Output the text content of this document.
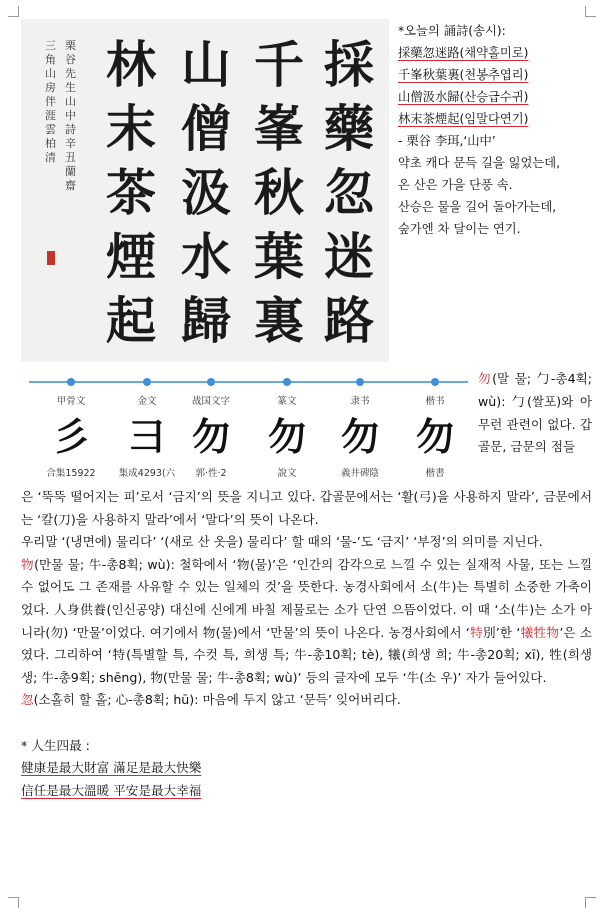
採
藥
忽
迷
路
千
峯
秋
葉
裏
山
僧
汲
水
歸
林
末
茶
煙
起
栗谷先生山中詩辛丑蘭齋
三角山房伴涯雲柏清
*오늘의 誦詩(송시):
採藥忽迷路(채약홀미로)
千峯秋葉裏(천봉추엽리)
山僧汲水歸(산승급수귀)
林末茶煙起(임말다연기)
- 栗谷 李珥,‘山中’
약초 캐다 문득 길을 잃었는데,
온 산은 가을 단풍 속.
산승은 물을 길어 돌아가는데,
숲가엔 차 달이는 연기.
甲骨文
彡
合集15922
金文
彐
集成4293(六
战国文字
勿
郭·性·2
篆文
勿
說文
隶书
勿
義井碑陰
楷书
勿
楷書
勿(말 물; 勹-총4획; wù): 勹(쌀포)와 아무런 관련이 없다. 갑골문, 금문의 점들

은 ‘뚝뚝 떨어지는 피’로서 ‘금지’의 뜻을 지니고 있다. 갑골문에서는 ‘활(弓)을 사용하지 말라’, 금문에서는 ‘칼(刀)을 사용하지 말라’에서 ‘말다’의 뜻이 나온다.

우리말 ‘(냉면에) 물리다’ ‘(새로 산 옷을) 물리다’ 할 때의 ‘물-’도 ‘금지’ ‘부정’의 의미를 지닌다.

物(만물 물; 牛-총8획; wù): 철학에서 ‘物(물)’은 ‘인간의 감각으로 느낄 수 있는 실재적 사물, 또는 느낄 수 없어도 그 존재를 사유할 수 있는 일체의 것’을 뜻한다. 농경사회에서 소(牛)는 특별히 소중한 가축이었다. 人身供養(인신공양) 대신에 신에게 바칠 제물로는 소가 단연 으뜸이었다. 이 때 ‘소(牛)는 소가 아니라(勿) ‘만물’이었다. 여기에서 物(물)에서 ‘만물’의 뜻이 나온다. 농경사회에서 ‘特別’한 ‘犧牲物’은 소였다. 그리하여 ‘特(특별할 특, 수컷 특, 희생 특; 牛-총10획; tè), 犧(희생 희; 牛-총20획; xī), 牲(희생 생; 牛-총9획; shēng), 物(만물 물; 牛-총8획; wù)’ 등의 글자에 모두 ‘牛(소 우)’ 자가 들어있다.

忽(소홀히 할 홀; 心-총8획; hū): 마음에 두지 않고 ‘문득’ 잊어버리다.

* 人生四最 :

健康是最大財富 滿足是最大快樂

信任是最大溫暖 平安是最大幸福
